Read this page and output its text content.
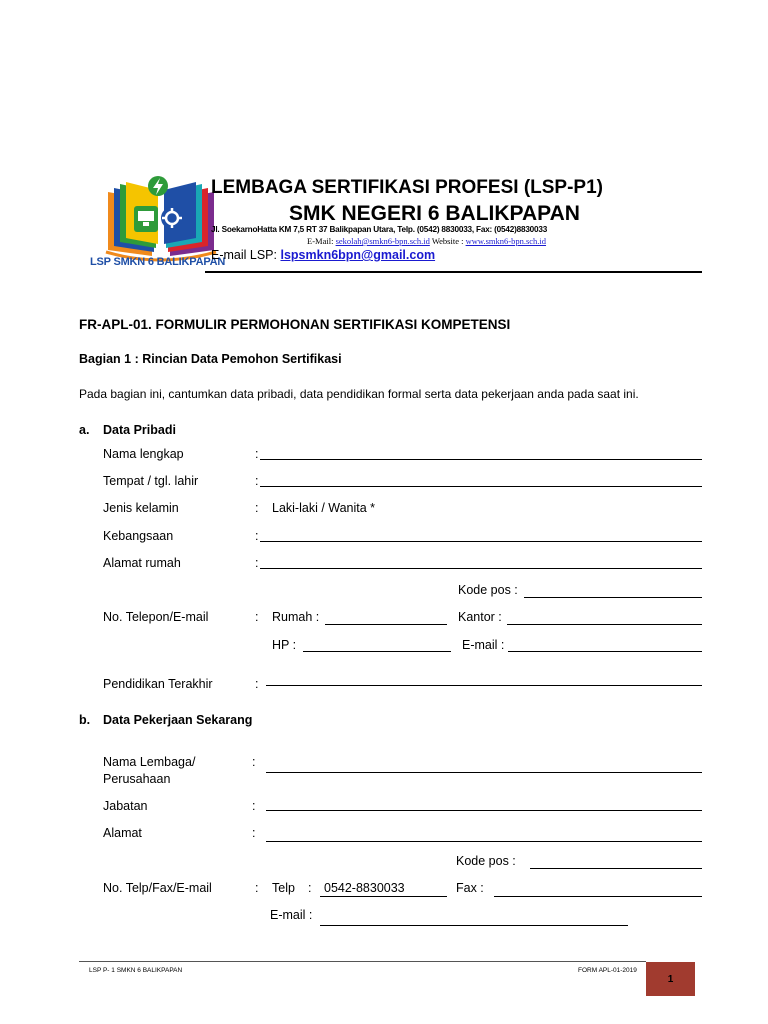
LSP SMKN 6 BALIKPAPAN
LEMBAGA SERTIFIKASI PROFESI (LSP-P1)
SMK NEGERI 6 BALIKPAPAN
Jl. SoekarnoHatta KM 7,5 RT 37 Balikpapan Utara, Telp. (0542) 8830033, Fax: (0542)8830033
E-Mail: sekolah@smkn6-bpn.sch.id Website : www.smkn6-bpn.sch.id
E-mail LSP: lspsmkn6bpn@gmail.com
FR-APL-01. FORMULIR PERMOHONAN SERTIFIKASI KOMPETENSI
Bagian 1 : Rincian Data Pemohon Sertifikasi
Pada bagian ini, cantumkan data pribadi, data pendidikan formal serta data pekerjaan anda pada saat ini.
a. Data Pribadi
Nama lengkap	:
Tempat / tgl. lahir	:
Jenis kelamin	: Laki-laki / Wanita *
Kebangsaan	:
Alamat rumah	:
Kode pos :
No. Telepon/E-mail	: Rumah :	Kantor :
HP :	E-mail :
Pendidikan Terakhir	:
b. Data Pekerjaan Sekarang
Nama Lembaga/
Perusahaan
:
Jabatan	:
Alamat	:
Kode pos :
No. Telp/Fax/E-mail	: Telp : 0542-8830033	Fax :
E-mail :
LSP P- 1 SMKN 6 BALIKPAPAN	FORM APL-01-2019
1
